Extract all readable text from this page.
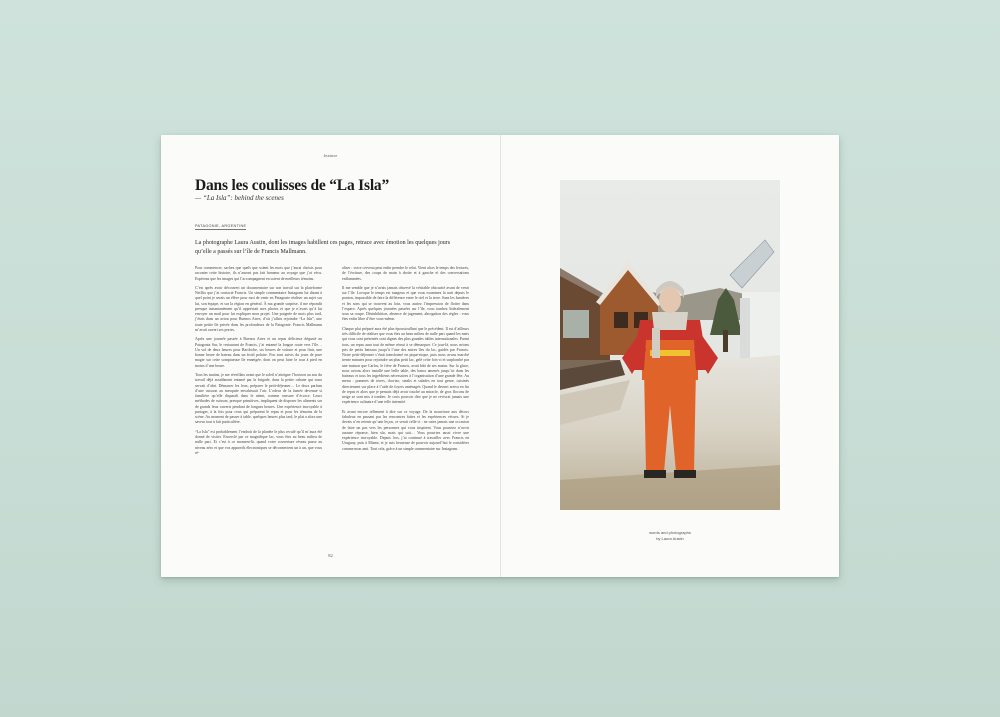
feature
Dans les coulisses de “La Isla”
— “La Isla”: behind the scenes
PATAGONIE, ARGENTINE
La photographe Laura Austin, dont les images habillent ces pages, retrace avec émotion les quelques jours qu’elle a passés sur l’île de Francis Mallmann.

Pour commencer, sachez que quels que soient les mots que j’aurai choisis pour raconter cette histoire, ils n’auront pas fait honneur au voyage que j’ai vécu. Espérons que les images qui l’accompagnent en soient de meilleurs témoins.

C’est après avoir découvert un documentaire sur son travail sur la plateforme Netflix que j’ai contacté Francis. Un simple commentaire Instagram lui disant à quel point je serais un élève pour moi de venir en Patagonie réaliser un sujet sur lui, son équipe, et sur la région en général. À ma grande surprise, il me répondit presque instantanément qu’il appréciait mes photos et que je n’avais qu’à lui envoyer un mail pour lui expliquer mon projet. Une poignée de mois plus tard, j’étais dans un avion pour Buenos Aires, d’où j’allais rejoindre “La Isla”, une toute petite île privée dans les profondeurs de la Patagonie. Francis Mallmann m’avait ouvert ses portes.

Après une journée passée à Buenos Aires et un repas délicieux dégusté au Patagonia Sur, le restaurant de Francis, j’ai entamé la longue route vers l’île… Un vol de deux heures pour Bariloche, six heures de voiture et pour finir, une bonne heure de bateau dans un froid polaire. Fou sont suivis du jours de pure magie sur cette somptueuse île enneigée, dont on peut faire le tour à pied en moins d’une heure.

Tous les matins, je me réveillais avant que le soleil n’atteigne l’horizon au son du travail déjà assidûment entamé par la brigade, dans la petite cabane qui nous servait d’abri. Démarrer les feux, préparer le petit-déjeuner… Le doux parfum d’une cuisson au mesquite envahissait l’air. L’odeur de la fumée devenue si familière qu’elle disparaît dans le néant, comme censure d’écorce. Leurs méthodes de cuisson, presque primitives, impliquent de disposer les aliments sur de grands feux ouverts pendant de longues heures. Une expérience incroyable à partager, à la fois pour ceux qui préparent le repas et pour les témoins de la scène. Au moment de passer à table, quelques heures plus tard, le plat a alors une saveur tout à fait particulière.

“La Isla” est probablement l’endroit de la planète le plus reculé qu’il m’aura été donné de visiter. Encerclé par ce magnifique lac, vous êtes au beau milieu de nulle part. Et c’est à ce moment-là, quand votre couverture réseau passe au niveau zéro et que vos appareils électroniques se déconnectent un à un, que vous ré-

aliser : votre cerveau peut enfin prendre le relai. Vient alors le temps des lectures, de l’écriture, des coups de main à droite et à gauche et des conversations enflammées.

Il me semble que je n’avais jamais observé la véritable obscurité avant de venir sur l’île. Lorsque le temps est nuageux et que vous examinez la nuit depuis le ponton, impossible de faire la différence entre le ciel et la terre. Sans les lumières et les sons qui se trouvent au loin, vous auriez l’impression de flotter dans l’espace. Après quelques journées passées sur l’île, vous tombez littéralement sous sa coupe. Désinhibition, absence de jugement, abrogation des règles : vous êtes enfin libre d’être vous-même.

Chaque plat préparé aura été plus époustouflant que le précédent. Il est d’ailleurs très difficile de réaliser que vous êtes au beau milieu de nulle part quand les mets qui vous sont présentés sont dignes des plus grandes tables internationales. Parmi tous, un repas aura tout de même réussi à se démarquer. Ce jour-là, nous avions pris de petits bateaux jusqu’à l’une des autres îles du lac, guidés par Francis. Notre petit-déjeuner s’était transformé en pique-nique, puis nous avons marché trente minutes pour rejoindre un plus petit lac, gelé cette fois-ci et surplombé par une maison que Carlos, le frère de Francis, avait bâti de ses mains. Sur la glace, nous avions alors installé une belle table, des bancs amenés jusqu’ici dans les bateaux et tous les ingrédients nécessaires à l’organisation d’une grande fête. Au menu : pommes de terres, chorizo, steaks et salades en tout genre, cuisinés directement sur place à l’aide de foyers aménagés. Quand le dessert arriva en fin de repas et alors que je pensais déjà avoir touché au miracle, de gros flocons de neige se sont mis à tomber. Je crois pouvoir dire que je ne revivrai jamais une expérience culinaire d’une telle intensité.

Et avant encore tellement à dire sur ce voyage. De la nourriture aux décors fabuleux en passant par les rencontres faites et les expériences vécues. Si je devais n’en retenir qu’une leçon, ce serait celle-ci : ne ratez jamais une occasion de faire un pas vers les personnes qui vous inspirent. Vous pourriez n’avoir aucune réponse, bien sûr, mais qui sait… Vous pourriez aussi vivre une expérience incroyable. Depuis lors, j’ai continué à travailler avec Francis en Uruguay, puis à Miami, et je suis heureuse de pouvoir aujourd’hui le considérer comme mon ami. Tout cela, grâce à un simple commentaire sur Instagram.

82
words and photographs
by Laura Austin
